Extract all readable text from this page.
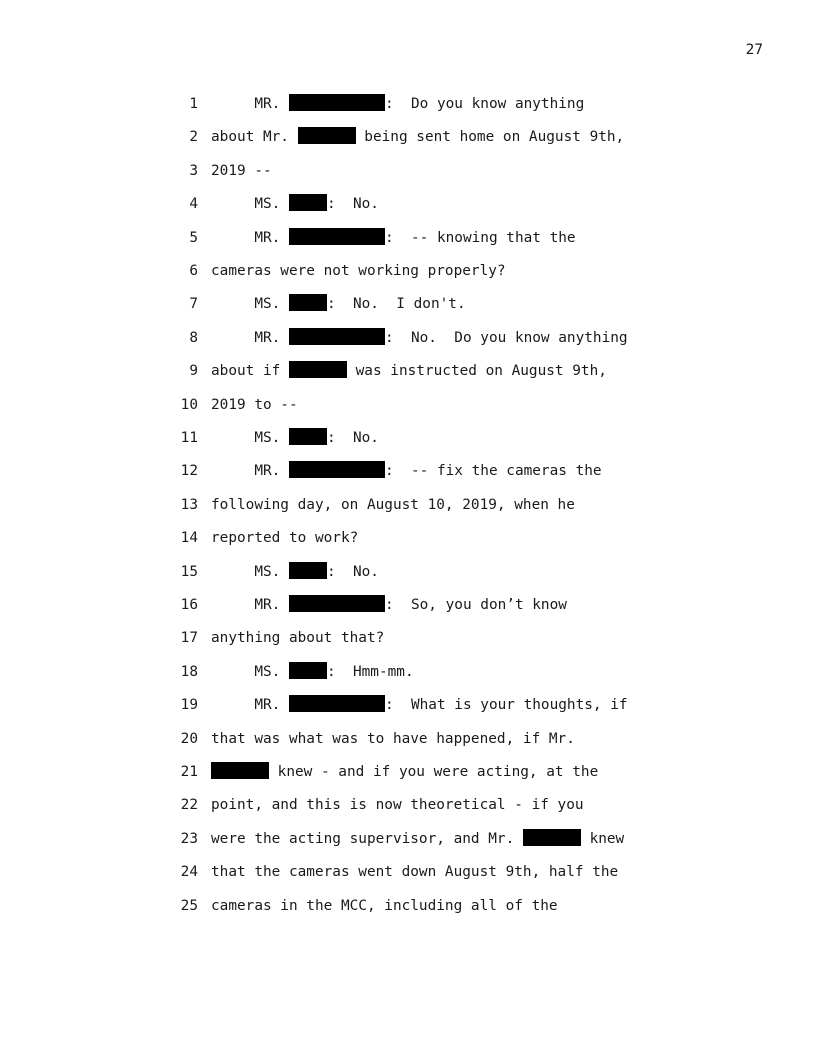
27
1 MR.	:  Do you know anything
2 about Mr.	being sent home on August 9th,
3 2019 --
4 MS.	:  No.
5 MR.	:  -- knowing that the
6 cameras were not working properly?
7 MS.	:  No.  I don't.
8 MR.	:  No.  Do you know anything
9 about if	was instructed on August 9th,
10 2019 to --
11 MS.	:  No.
12 MR.	:  -- fix the cameras the
13 following day, on August 10, 2019, when he
14 reported to work?
15 MS.	:  No.
16 MR.	:  So, you don’t know
17 anything about that?
18 MS.	:  Hmm-mm.
19 MR.	:  What is your thoughts, if
20 that was what was to have happened, if Mr.
21	knew - and if you were acting, at the
22 point, and this is now theoretical - if you
23 were the acting supervisor, and Mr.	knew
24 that the cameras went down August 9th, half the
25 cameras in the MCC, including all of the
